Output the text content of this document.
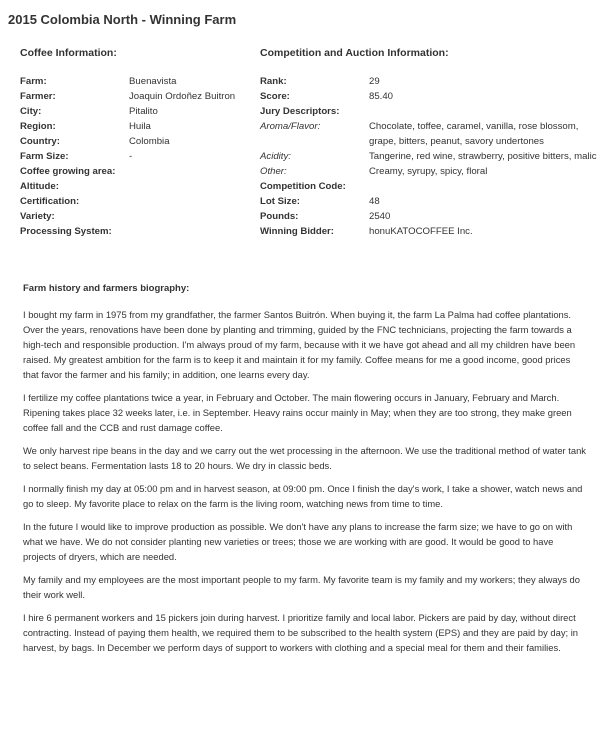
2015 Colombia North - Winning Farm
Coffee Information:
Farm:	Buenavista
Farmer:	Joaquin Ordoñez Buitron
City:	Pitalito
Region:	Huila
Country:	Colombia
Farm Size:	-
Coffee growing area:
Altitude:
Certification:
Variety:
Processing System:
Competition and Auction Information:
Rank:	29
Score:	85.40
Jury Descriptors:
Aroma/Flavor:	Chocolate, toffee, caramel, vanilla, rose blossom, grape, bitters, peanut, savory undertones
Acidity:	Tangerine, red wine, strawberry, positive bitters, malic
Other:	Creamy, syrupy, spicy, floral
Competition Code:
Lot Size:	48
Pounds:	2540
Winning Bidder:	honuKATOCOFFEE Inc.
Farm history and farmers biography:

I bought my farm in 1975 from my grandfather, the farmer Santos Buitrón. When buying it, the farm La Palma had coffee plantations. Over the years, renovations have been done by planting and trimming, guided by the FNC technicians, projecting the farm towards a high-tech and responsible production. I'm always proud of my farm, because with it we have got ahead and all my children have been raised. My greatest ambition for the farm is to keep it and maintain it for my family. Coffee means for me a good income, good prices that favor the farmer and his family; in addition, one learns every day.

I fertilize my coffee plantations twice a year, in February and October. The main flowering occurs in January, February and March. Ripening takes place 32 weeks later, i.e. in September. Heavy rains occur mainly in May; when they are too strong, they make green coffee fall and the CCB and rust damage coffee.

We only harvest ripe beans in the day and we carry out the wet processing in the afternoon. We use the traditional method of water tank to select beans. Fermentation lasts 18 to 20 hours. We dry in classic beds.

I normally finish my day at 05:00 pm and in harvest season, at 09:00 pm. Once I finish the day's work, I take a shower, watch news and go to sleep. My favorite place to relax on the farm is the living room, watching news from time to time.

In the future I would like to improve production as possible. We don't have any plans to increase the farm size; we have to go on with what we have. We do not consider planting new varieties or trees; those we are working with are good. It would be good to have projects of dryers, which are needed.

My family and my employees are the most important people to my farm. My favorite team is my family and my workers; they always do their work well.

I hire 6 permanent workers and 15 pickers join during harvest. I prioritize family and local labor. Pickers are paid by day, without direct contracting. Instead of paying them health, we required them to be subscribed to the health system (EPS) and they are paid by day; in harvest, by bags. In December we perform days of support to workers with clothing and a special meal for them and their families.
